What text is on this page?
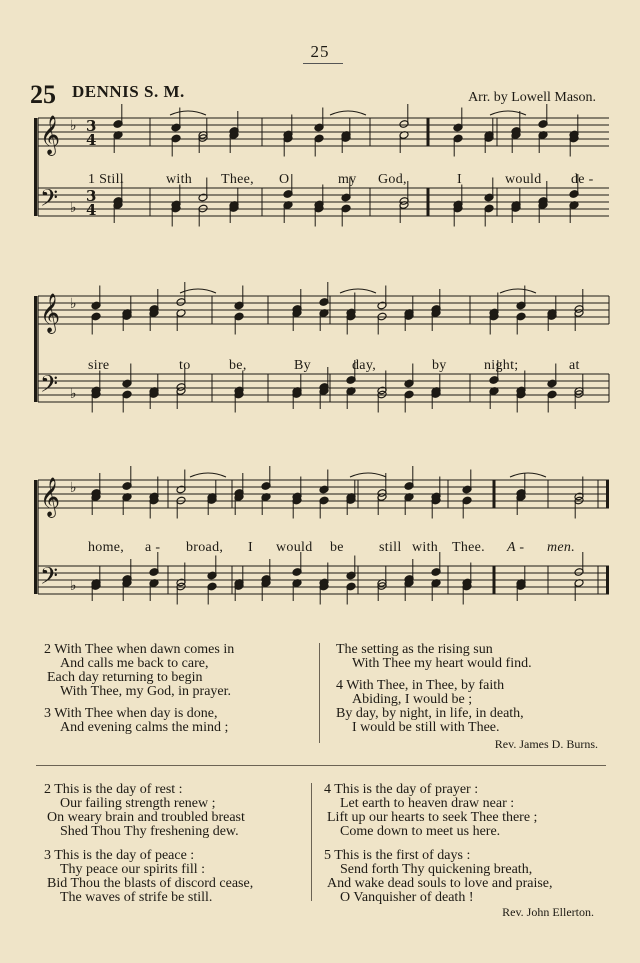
25
25 DENNIS S. M.	Arr. by Lowell Mason.
𝄞 ♭ 3
4
𝄢 ♭
3
4
𝄞 ♭
𝄢 ♭
𝄞 ♭
𝄢 ♭
1 Still	with Thee, O	my God,	I	would de -
sire	to	be,	By	day,	by	night;	at
home, a - broad, I would be	still with Thee. A - men.
2 With Thee when dawn comes in
And calls me back to care,
Each day returning to begin
With Thee, my God, in prayer.
3 With Thee when day is done,
And evening calms the mind ;
The setting as the rising sun
With Thee my heart would find.
4 With Thee, in Thee, by faith
Abiding, I would be ;
By day, by night, in life, in death,
I would be still with Thee.
Rev. James D. Burns.
2 This is the day of rest :
Our failing strength renew ;
On weary brain and troubled breast
Shed Thou Thy freshening dew.
3 This is the day of peace :
Thy peace our spirits fill :
Bid Thou the blasts of discord cease,
The waves of strife be still.
4 This is the day of prayer :
Let earth to heaven draw near :
Lift up our hearts to seek Thee there ;
Come down to meet us here.
5 This is the first of days :
Send forth Thy quickening breath,
And wake dead souls to love and praise,
O Vanquisher of death !
Rev. John Ellerton.
